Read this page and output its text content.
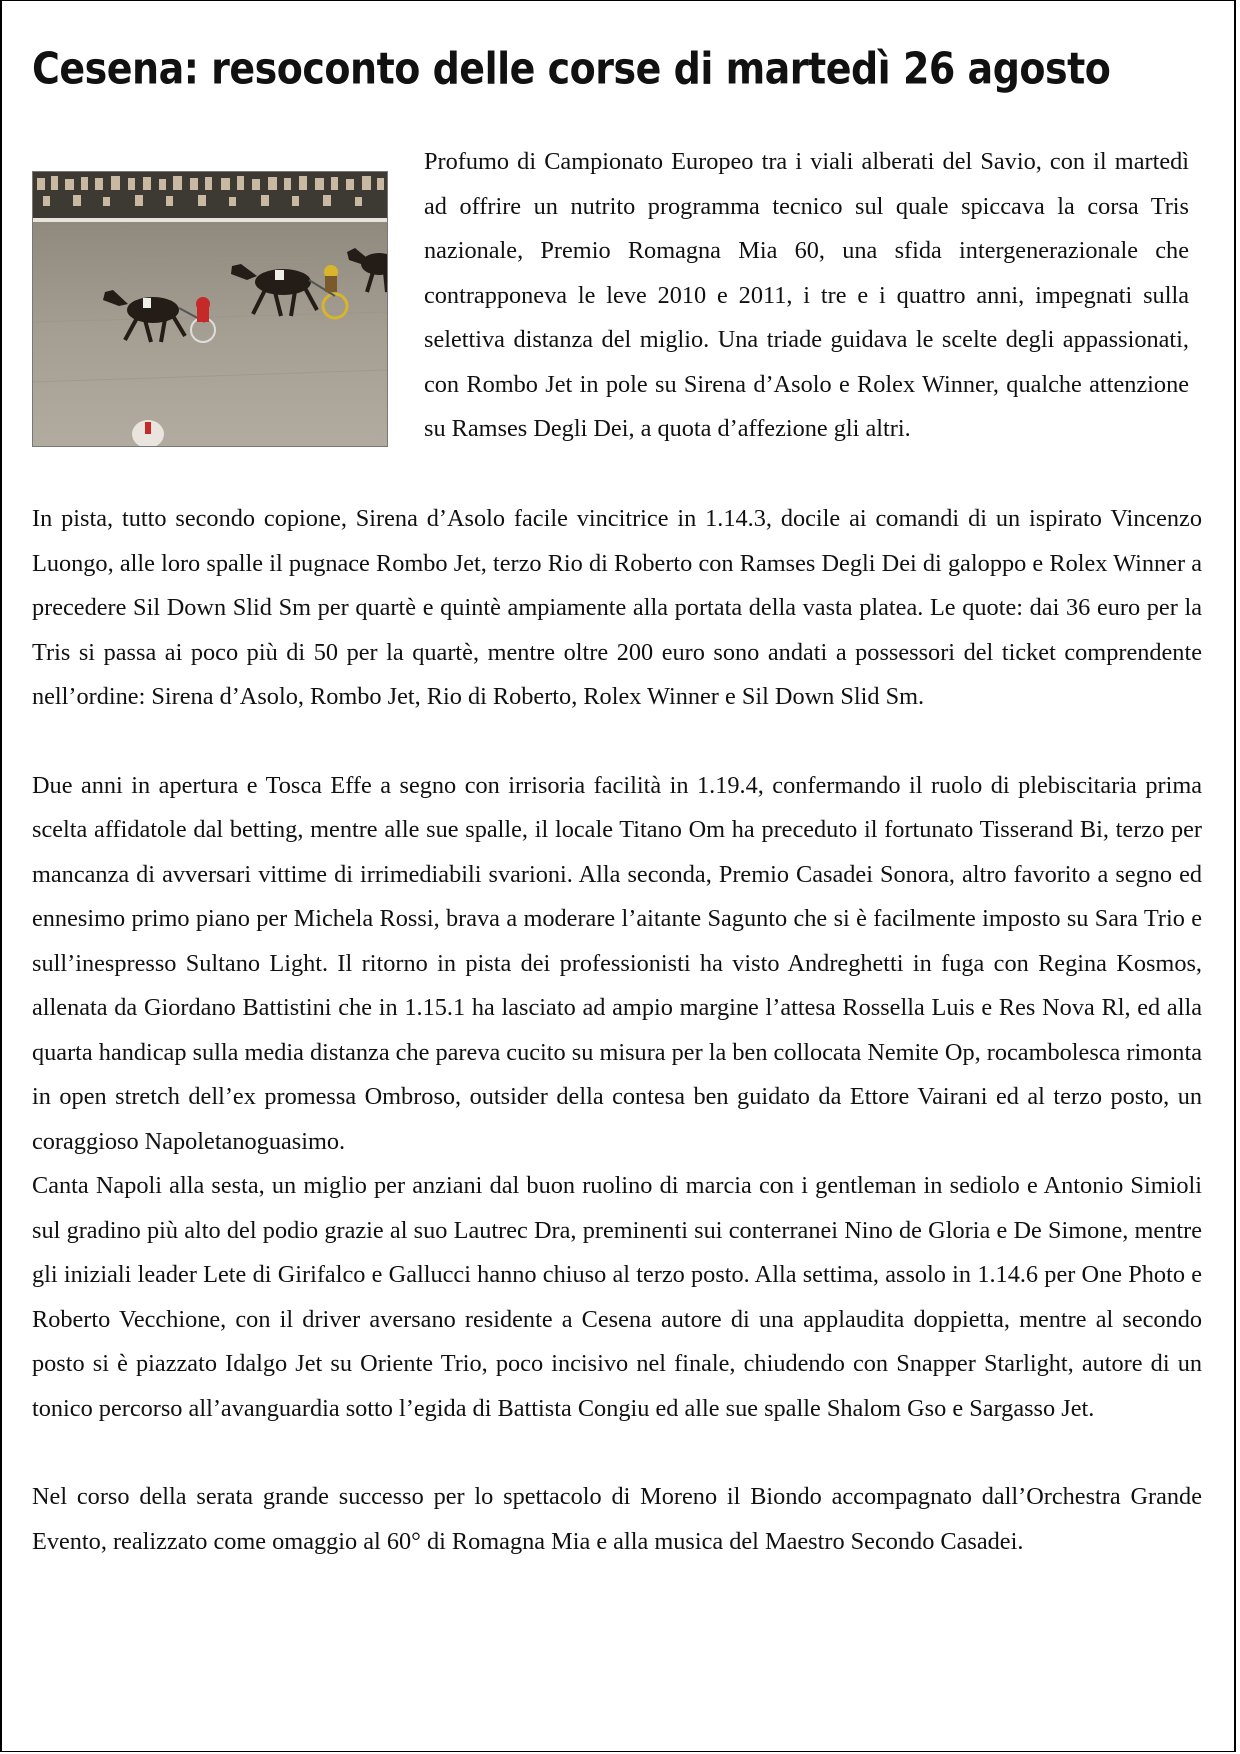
Cesena: resoconto delle corse di martedì 26 agosto
Profumo di Campionato Europeo tra i viali alberati del Savio, con il martedì ad offrire un nutrito programma tecnico sul quale spiccava la corsa Tris nazionale, Premio Romagna Mia 60, una sfida intergenerazionale che contrapponeva le leve 2010 e 2011, i tre e i quattro anni, impegnati sulla selettiva distanza del miglio. Una triade guidava le scelte degli appassionati, con Rombo Jet in pole su Sirena d’Asolo e Rolex Winner, qualche attenzione su Ramses Degli Dei, a quota d’affezione gli altri.

In pista, tutto secondo copione, Sirena d’Asolo facile vincitrice in 1.14.3, docile ai comandi di un ispirato Vincenzo Luongo, alle loro spalle il pugnace Rombo Jet, terzo Rio di Roberto con Ramses Degli Dei di galoppo e Rolex Winner a precedere Sil Down Slid Sm per quartè e quintè ampiamente alla portata della vasta platea. Le quote: dai 36 euro per la Tris si passa ai poco più di 50 per la quartè, mentre oltre 200 euro sono andati a possessori del ticket comprendente nell’ordine: Sirena d’Asolo, Rombo Jet, Rio di Roberto, Rolex Winner e Sil Down Slid Sm.

Due anni in apertura e Tosca Effe a segno con irrisoria facilità in 1.19.4, confermando il ruolo di plebiscitaria prima scelta affidatole dal betting, mentre alle sue spalle, il locale Titano Om ha preceduto il fortunato Tisserand Bi, terzo per mancanza di avversari vittime di irrimediabili svarioni. Alla seconda, Premio Casadei Sonora, altro favorito a segno ed ennesimo primo piano per Michela Rossi, brava a moderare l’aitante Sagunto che si è facilmente imposto su Sara Trio e sull’inespresso Sultano Light. Il ritorno in pista dei professionisti ha visto Andreghetti in fuga con Regina Kosmos, allenata da Giordano Battistini che in 1.15.1 ha lasciato ad ampio margine l’attesa Rossella Luis e Res Nova Rl, ed alla quarta handicap sulla media distanza che pareva cucito su misura per la ben collocata Nemite Op, rocambolesca rimonta in open stretch dell’ex promessa Ombroso, outsider della contesa ben guidato da Ettore Vairani ed al terzo posto, un coraggioso Napoletanoguasimo.

Canta Napoli alla sesta, un miglio per anziani dal buon ruolino di marcia con i gentleman in sediolo e Antonio Simioli sul gradino più alto del podio grazie al suo Lautrec Dra, preminenti sui conterranei Nino de Gloria e De Simone, mentre gli iniziali leader Lete di Girifalco e Gallucci hanno chiuso al terzo posto. Alla settima, assolo in 1.14.6 per One Photo e Roberto Vecchione, con il driver aversano residente a Cesena autore di una applaudita doppietta, mentre al secondo posto si è piazzato Idalgo Jet su Oriente Trio, poco incisivo nel finale, chiudendo con Snapper Starlight, autore di un tonico percorso all’avanguardia sotto l’egida di Battista Congiu ed alle sue spalle Shalom Gso e Sargasso Jet.

Nel corso della serata grande successo per lo spettacolo di Moreno il Biondo accompagnato dall’Orchestra Grande Evento, realizzato come omaggio al 60° di Romagna Mia e alla musica del Maestro Secondo Casadei.
